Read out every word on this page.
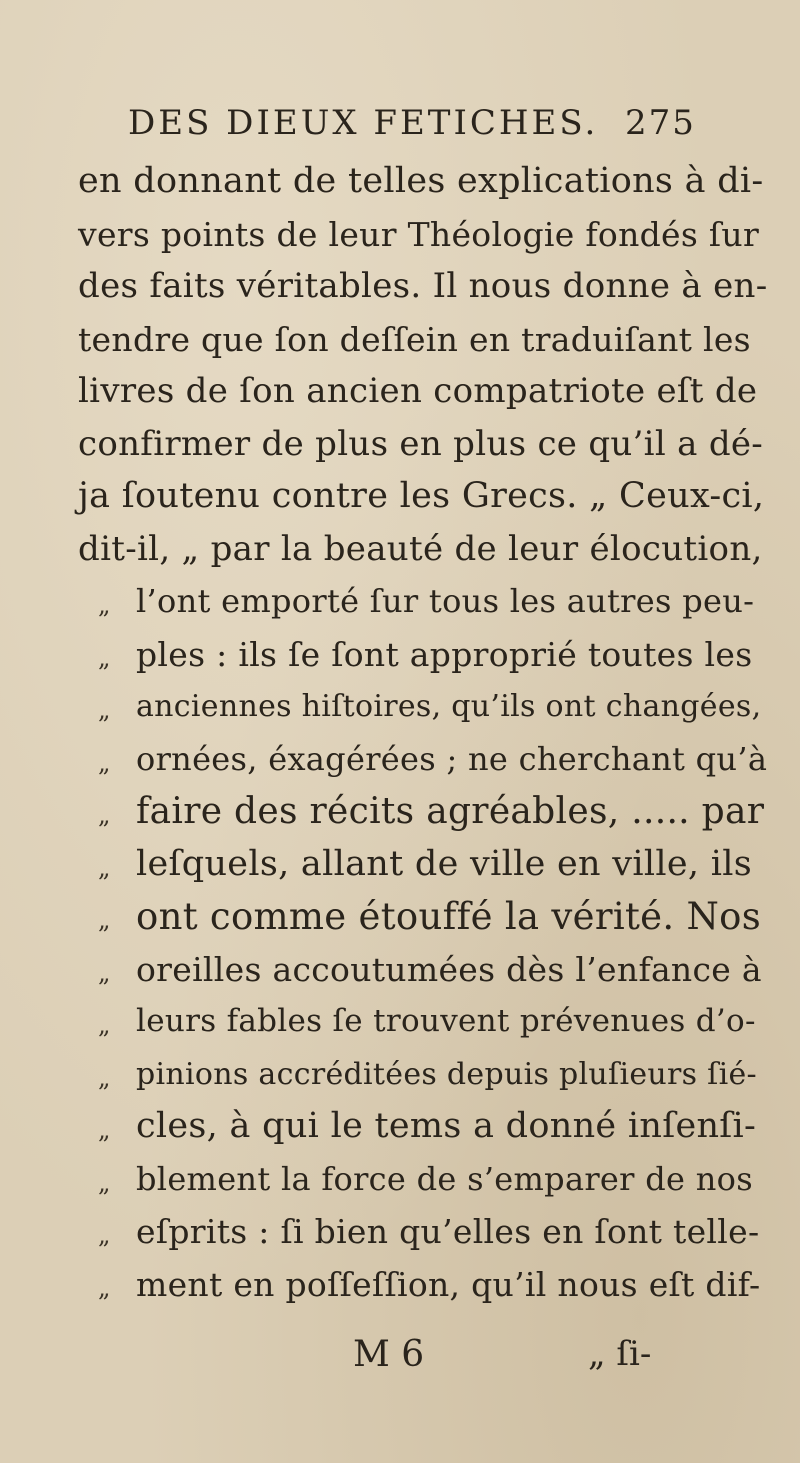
DES DIEUX FETICHES. 275
en donnant de telles explications à di-
vers points de leur Théologie fondés ſur
des faits véritables. Il nous donne à en-
tendre que ſon deſſein en traduiſant les
livres de ſon ancien compatriote eſt de
confirmer de plus en plus ce qu’il a dé-
ja ſoutenu contre les Grecs. „ Ceux-ci,
dit-il, „ par la beauté de leur élocution,
„ l’ont emporté ſur tous les autres peu-
„ ples : ils ſe ſont approprié toutes les
„ anciennes hiſtoires, qu’ils ont changées,
„ ornées, éxagérées ; ne cherchant qu’à
„ faire des récits agréables, ..... par
„ leſquels, allant de ville en ville, ils
„ ont comme étouffé la vérité. Nos
„ oreilles accoutumées dès l’enfance à
„ leurs fables ſe trouvent prévenues d’o-
„ pinions accréditées depuis pluſieurs ſié-
„ cles, à qui le tems a donné inſenſi-
„ blement la force de s’emparer de nos
„ eſprits : ſi bien qu’elles en ſont telle-
„ ment en poſſeſſion, qu’il nous eſt dif-
M 6	„ ſi-
